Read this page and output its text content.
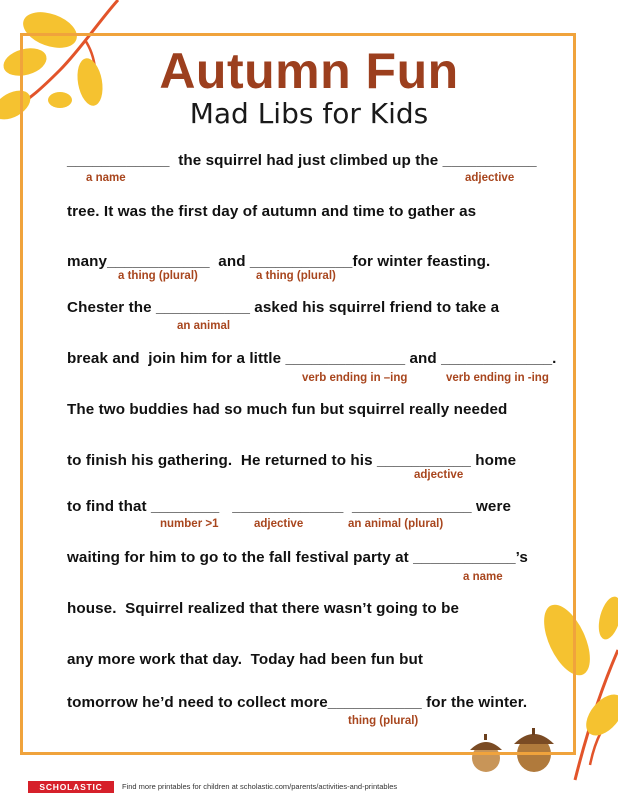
Autumn Fun
Mad Libs for Kids
____________  the squirrel had just climbed up the ___________
tree. It was the first day of autumn and time to gather as
many____________  and ____________for winter feasting.
Chester the ___________ asked his squirrel friend to take a
break and  join him for a little ______________ and _____________.
The two buddies had so much fun but squirrel really needed
to finish his gathering.  He returned to his ___________ home
to find that ________   _____________  ______________ were
waiting for him to go to the fall festival party at ____________’s
house.  Squirrel realized that there wasn’t going to be
any more work that day.  Today had been fun but
tomorrow he’d need to collect more___________ for the winter.
a name	adjective
a thing (plural)	a thing (plural)
an animal
verb ending in –ing	verb ending in -ing
adjective
number >1	adjective	an animal (plural)
a name
thing (plural)
SCHOLASTIC	Find more printables for children at scholastic.com/parents/activities-and-printables
